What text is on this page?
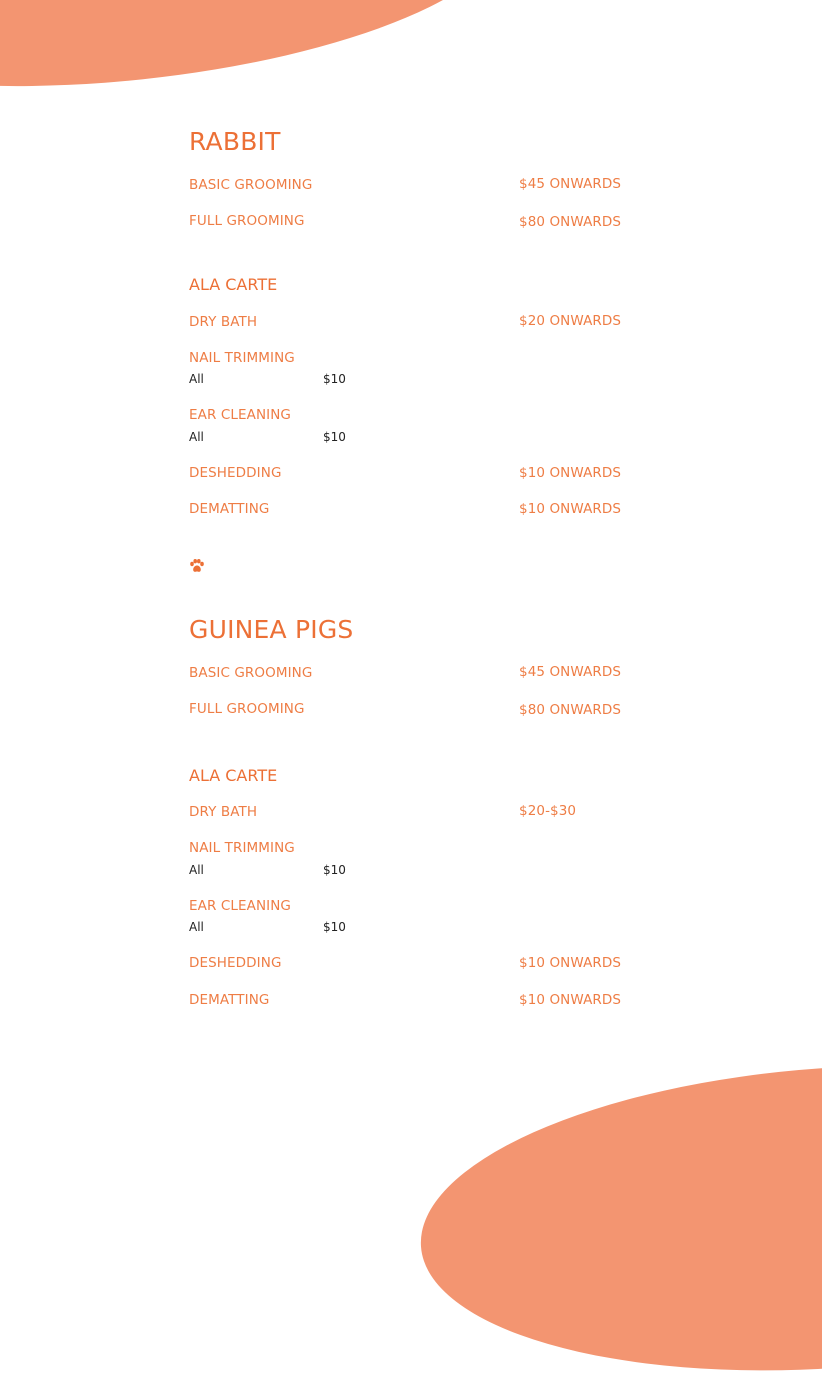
RABBIT
BASIC GROOMING	$45 ONWARDS
FULL GROOMING	$80 ONWARDS
ALA CARTE
DRY BATH	$20 ONWARDS
NAIL TRIMMING
All	$10
EAR CLEANING
All	$10
DESHEDDING	$10 ONWARDS
DEMATTING	$10 ONWARDS
GUINEA PIGS
BASIC GROOMING	$45 ONWARDS
FULL GROOMING	$80 ONWARDS
ALA CARTE
DRY BATH	$20-$30
NAIL TRIMMING
All	$10
EAR CLEANING
All	$10
DESHEDDING	$10 ONWARDS
DEMATTING	$10 ONWARDS
